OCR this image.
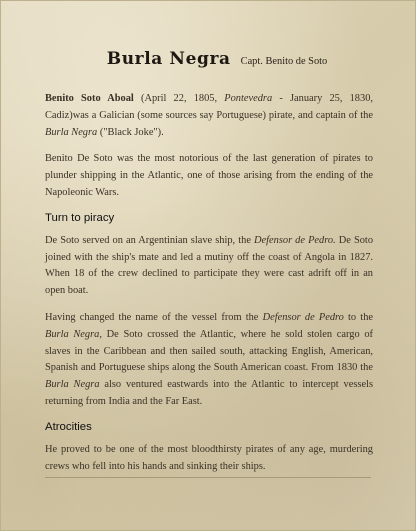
Burla Negra Capt. Benito de Soto

Benito Soto Aboal (April 22, 1805, Pontevedra - January 25, 1830, Cadiz)was a Galician (some sources say Portuguese) pirate, and captain of the Burla Negra ("Black Joke").

Benito De Soto was the most notorious of the last generation of pirates to plunder shipping in the Atlantic, one of those arising from the ending of the Napoleonic Wars.

Turn to piracy

De Soto served on an Argentinian slave ship, the Defensor de Pedro. De Soto joined with the ship's mate and led a mutiny off the coast of Angola in 1827. When 18 of the crew declined to participate they were cast adrift off in an open boat.

Having changed the name of the vessel from the Defensor de Pedro to the Burla Negra, De Soto crossed the Atlantic, where he sold stolen cargo of slaves in the Caribbean and then sailed south, attacking English, American, Spanish and Portuguese ships along the South American coast. From 1830 the Burla Negra also ventured eastwards into the Atlantic to intercept vessels returning from India and the Far East.

Atrocities

He proved to be one of the most bloodthirsty pirates of any age, murdering crews who fell into his hands and sinking their ships.
